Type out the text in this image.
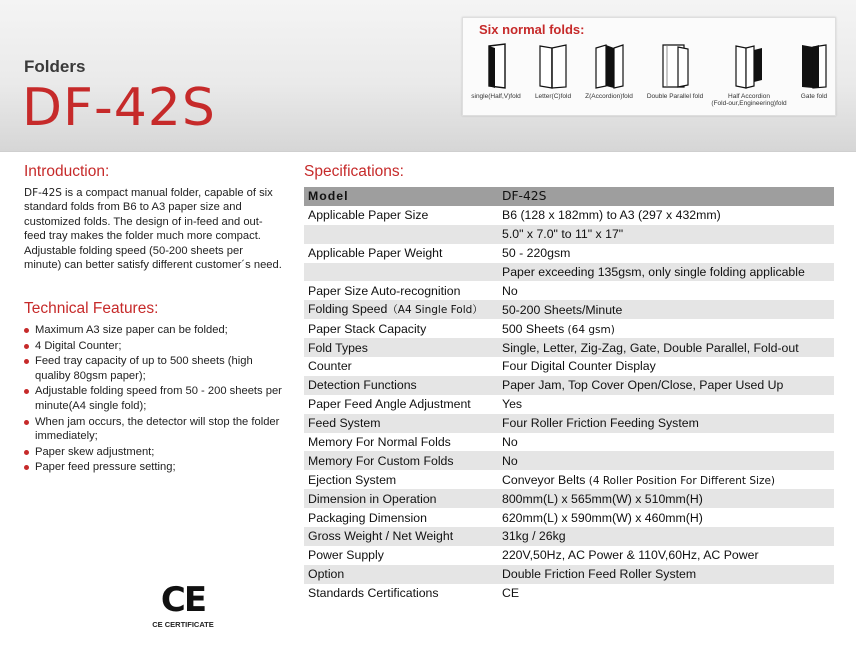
Folders
DF-42S
Six normal folds:
single(Half,V)fold	Letter(C)fold	Z(Accordion)fold	Double Parallel fold	Half Accordion
(Fold-our,Engineering)fold
Gate fold
Introduction:
DF-42S is a compact manual folder, capable of six standard folds from B6 to A3 paper size and customized folds. The design of in-feed and out-feed tray makes the folder much more compact. Adjustable folding speed (50-200 sheets per minute) can better satisfy different customer´s need.
Technical Features:
Maximum A3 size paper can be folded;
4 Digital Counter;
Feed tray capacity of up to 500 sheets (high qualiby 80gsm paper);
Adjustable folding speed from 50 - 200 sheets per minute(A4 single fold);
When jam occurs, the detector will stop the folder immediately;
Paper skew adjustment;
Paper feed pressure setting;
CE
CE CERTIFICATE
Specifications:
Model	DF-42S
Applicable Paper Size	B6 (128 x 182mm) to A3 (297 x 432mm)
	5.0" x 7.0" to 11" x 17"
Applicable Paper Weight	50 - 220gsm
	Paper exceeding 135gsm, only single folding applicable
Paper Size Auto-recognition	No
Folding Speed（A4 Single Fold）	50-200 Sheets/Minute
Paper Stack Capacity	500 Sheets (64 gsm)
Fold Types	Single, Letter, Zig-Zag, Gate, Double Parallel, Fold-out
Counter	Four Digital Counter Display
Detection Functions	Paper Jam, Top Cover Open/Close, Paper Used Up
Paper Feed Angle Adjustment	Yes
Feed System	Four Roller Friction Feeding System
Memory For Normal Folds	No
Memory For Custom Folds	No
Ejection System	Conveyor Belts (4 Roller Position For Different Size)
Dimension in Operation	800mm(L) x 565mm(W) x 510mm(H)
Packaging Dimension	620mm(L) x 590mm(W) x 460mm(H)
Gross Weight / Net Weight	31kg / 26kg
Power Supply	220V,50Hz, AC Power & 110V,60Hz, AC Power
Option	Double Friction Feed Roller System
Standards Certifications	CE
